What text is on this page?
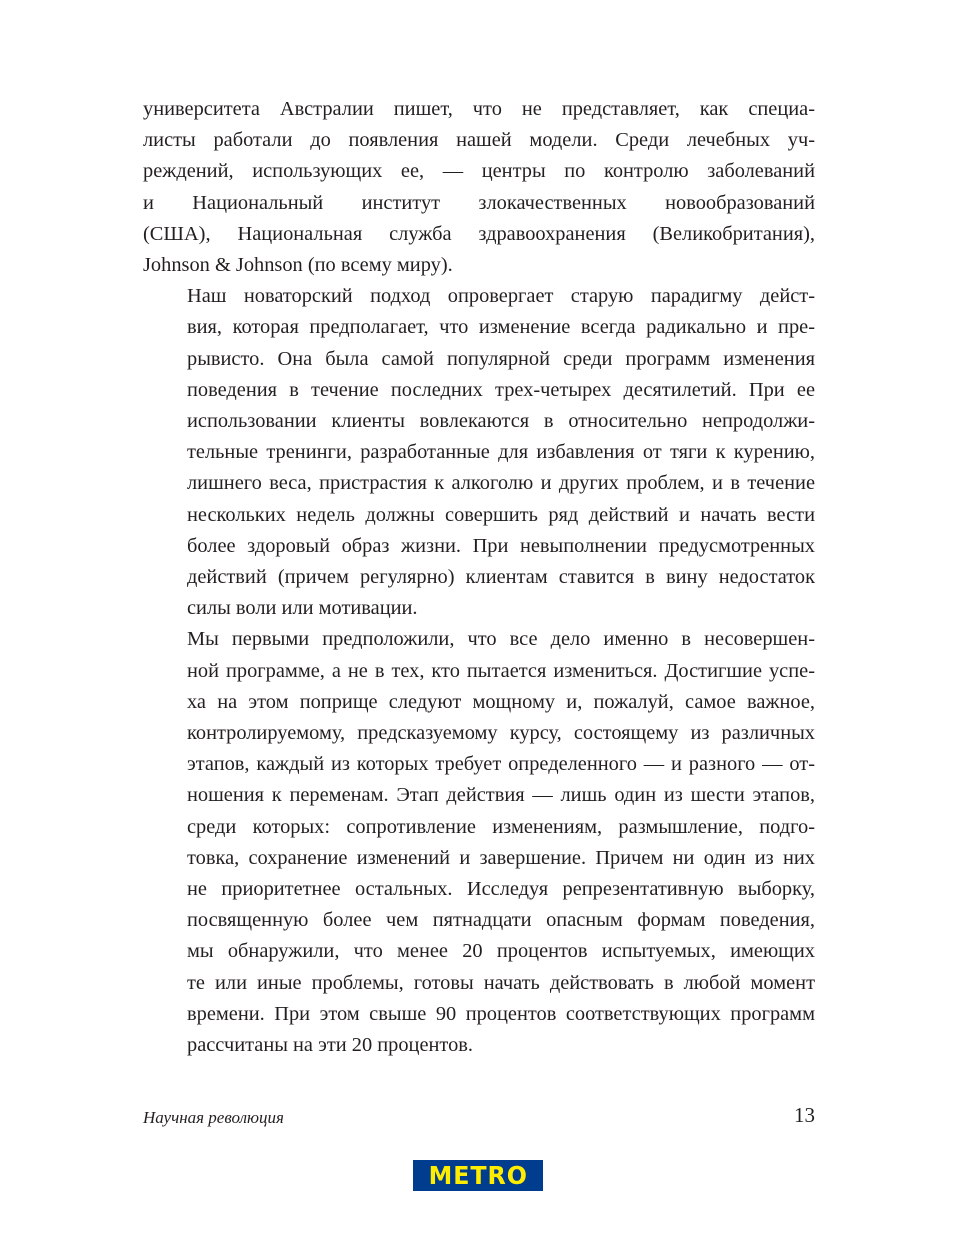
университета Австралии пишет, что не представляет, как специа-
листы работали до появления нашей модели. Среди лечебных уч-
реждений, использующих ее, — центры по контролю заболеваний
и Национальный институт злокачественных новообразований
(США), Национальная служба здравоохранения (Великобритания),
Johnson & Johnson (по всему миру).

Наш новаторский подход опровергает старую парадигму дейст-
вия, которая предполагает, что изменение всегда радикально и пре-
рывисто. Она была самой популярной среди программ изменения
поведения в течение последних трех-четырех десятилетий. При ее
использовании клиенты вовлекаются в относительно непродолжи-
тельные тренинги, разработанные для избавления от тяги к курению,
лишнего веса, пристрастия к алкоголю и других проблем, и в течение
нескольких недель должны совершить ряд действий и начать вести
более здоровый образ жизни. При невыполнении предусмотренных
действий (причем регулярно) клиентам ставится в вину недостаток
силы воли или мотивации.

Мы первыми предположили, что все дело именно в несовершен-
ной программе, а не в тех, кто пытается измениться. Достигшие успе-
ха на этом поприще следуют мощному и, пожалуй, самое важное,
контролируемому, предсказуемому курсу, состоящему из различных
этапов, каждый из которых требует определенного — и разного — от-
ношения к переменам. Этап действия — лишь один из шести этапов,
среди которых: сопротивление изменениям, размышление, подго-
товка, сохранение изменений и завершение. Причем ни один из них
не приоритетнее остальных. Исследуя репрезентативную выборку,
посвященную более чем пятнадцати опасным формам поведения,
мы обнаружили, что менее 20 процентов испытуемых, имеющих
те или иные проблемы, готовы начать действовать в любой момент
времени. При этом свыше 90 процентов соответствующих программ
рассчитаны на эти 20 процентов.

Научная революция	13
METRO
